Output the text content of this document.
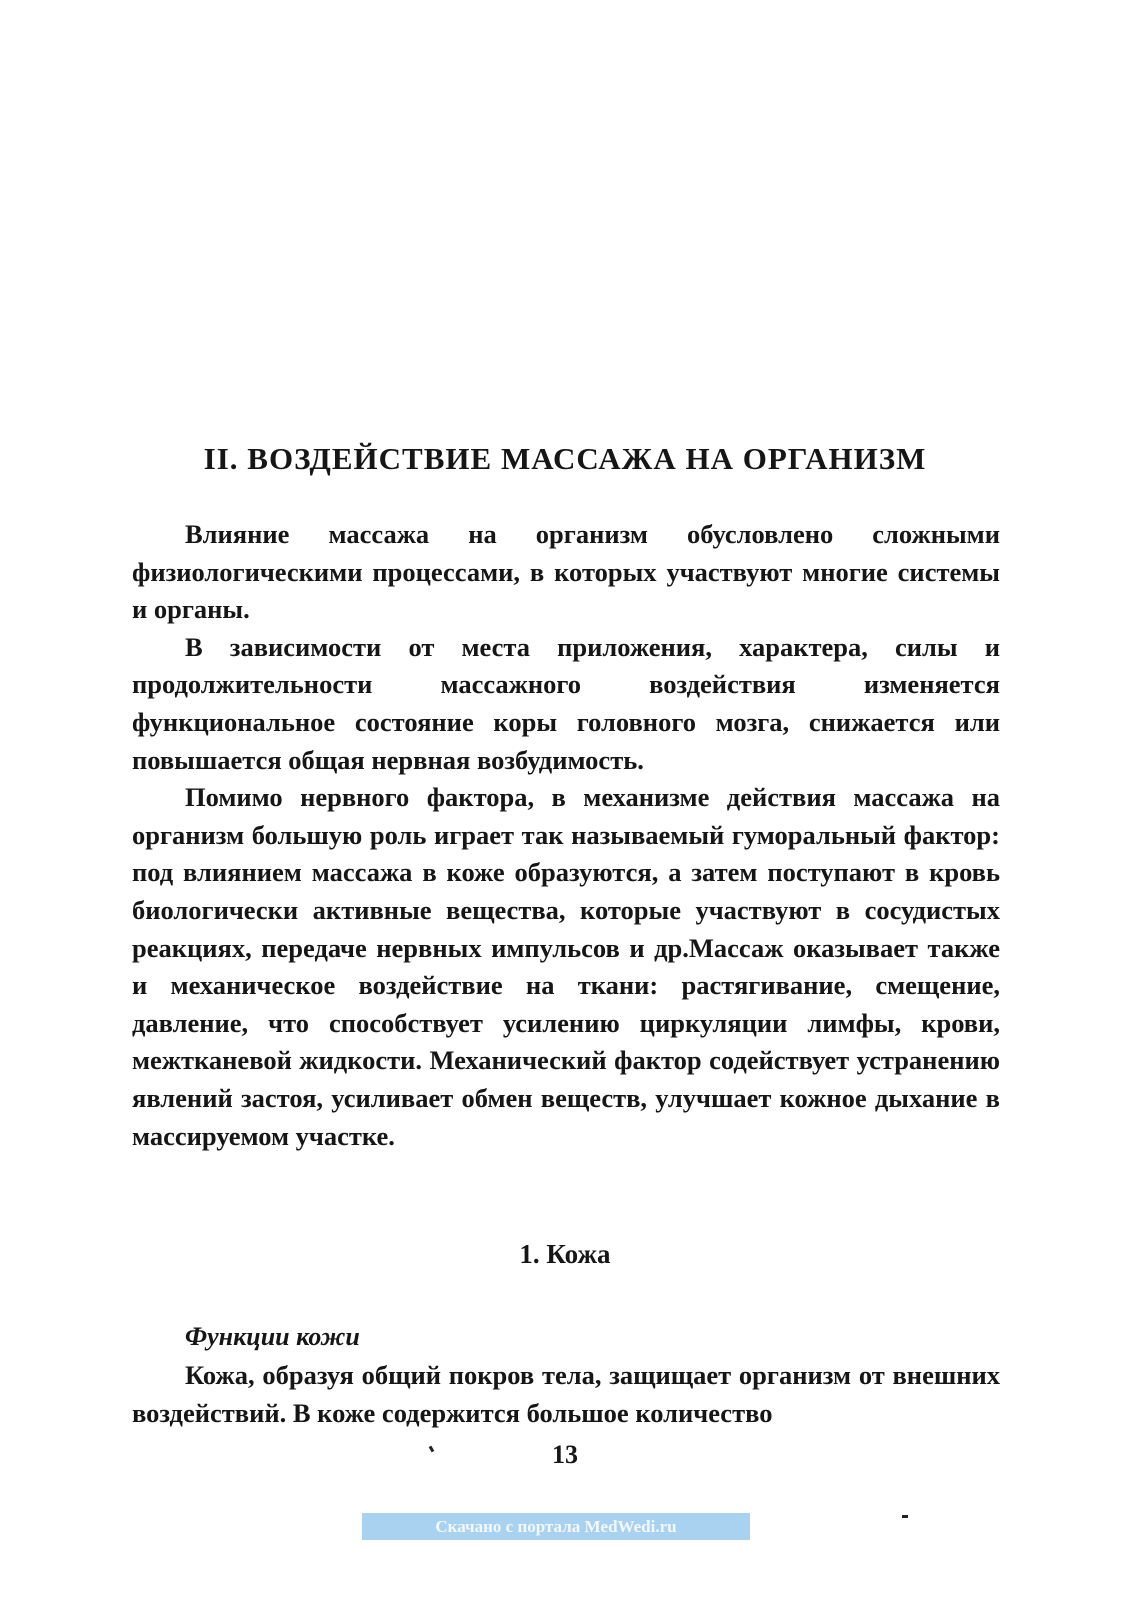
II. ВОЗДЕЙСТВИЕ МАССАЖА НА ОРГАНИЗМ

Влияние массажа на организм обусловлено сложными физиологическими процессами, в которых участвуют многие системы и органы.

В зависимости от места приложения, характера, силы и продолжительности массажного воздействия изменяется функциональное состояние коры головного мозга, снижается или повышается общая нервная возбудимость.

Помимо нервного фактора, в механизме действия массажа на организм большую роль играет так называемый гуморальный фактор: под влиянием массажа в коже образуются, а затем поступают в кровь биологически активные вещества, которые участвуют в сосудистых реакциях, передаче нервных импульсов и др.Массаж оказывает также и механическое воздействие на ткани: растягивание, смещение, давление, что способствует усилению циркуляции лимфы, крови, межтканевой жидкости. Механический фактор содействует устранению явлений застоя, усиливает обмен веществ, улучшает кожное дыхание в массируемом участке.

1. Кожа
Функции кожи

Кожа, образуя общий покров тела, защищает организм от внешних воздействий. В коже содержится большое количество

13
Скачано с портала MedWedi.ru
